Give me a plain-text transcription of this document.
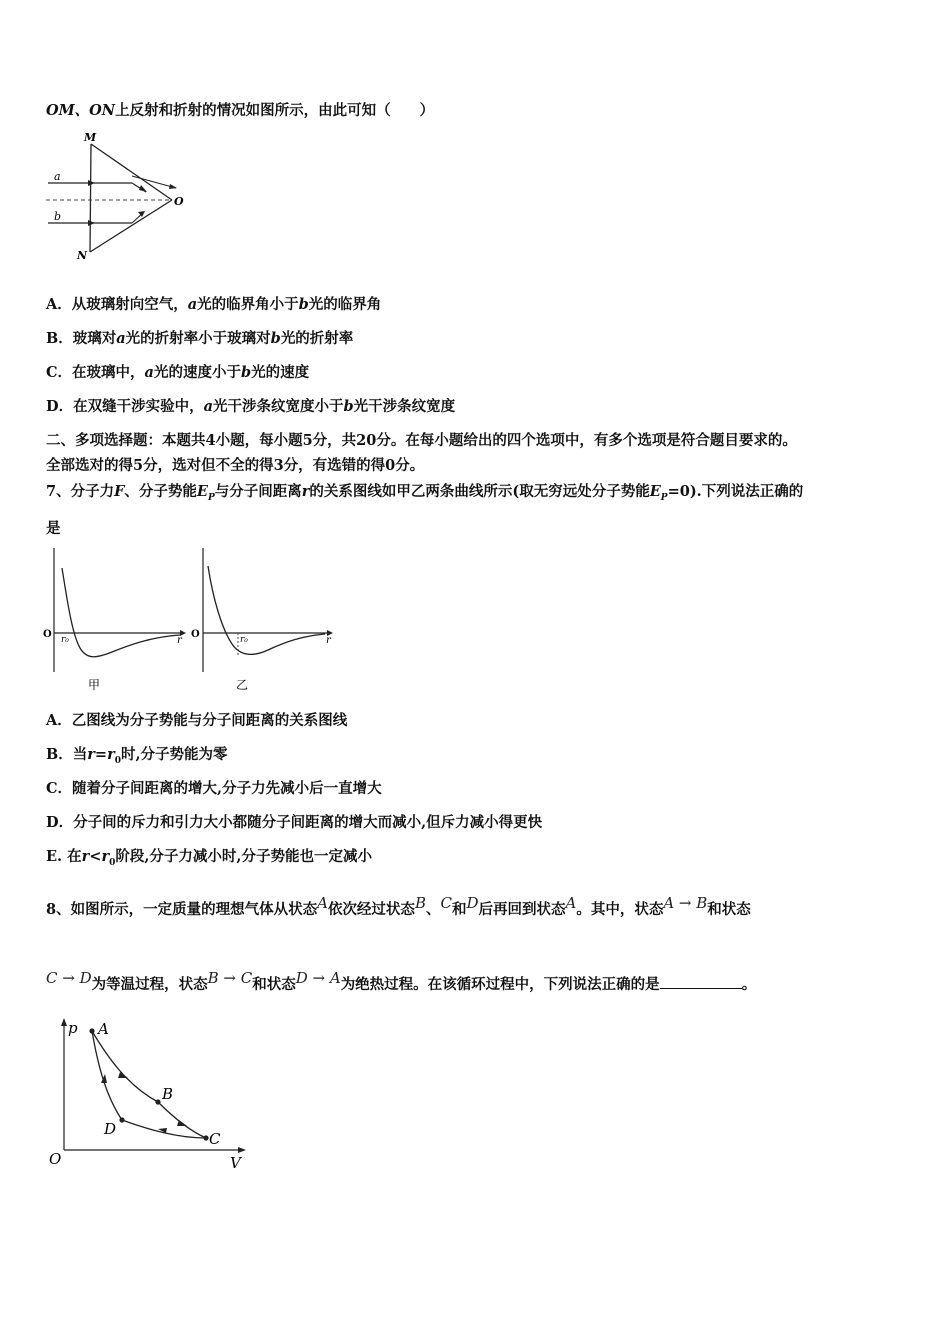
OM、ON上反射和折射的情况如图所示，由此可知（　　）
M
N
O
a
b
A．从玻璃射向空气，a光的临界角小于b光的临界角
B．玻璃对a光的折射率小于玻璃对b光的折射率
C．在玻璃中，a光的速度小于b光的速度
D．在双缝干涉实验中，a光干涉条纹宽度小于b光干涉条纹宽度
二、多项选择题：本题共4小题，每小题5分，共20分。在每小题给出的四个选项中，有多个选项是符合题目要求的。
全部选对的得5分，选对但不全的得3分，有选错的得0分。
7、分子力F、分子势能$E_P$与分子间距离r的关系图线如甲乙两条曲线所示(取无穷远处分子势能$E_P=0$).下列说法正确的
是
O r₀	r
甲
O	r₀	r
乙
A．乙图线为分子势能与分子间距离的关系图线
B．当$r=r_0$时,分子势能为零
C．随着分子间距离的增大,分子力先减小后一直增大
D．分子间的斥力和引力大小都随分子间距离的增大而减小,但斥力减小得更快
E. 在$r<r_0$阶段,分子力减小时,分子势能也一定减小
8、如图所示，一定质量的理想气体从状态$^A$依次经过状态$^B$、$^C$和$^D$后再回到状态$^A$。其中，状态$^{A \to B}$和状态
$^{C \to D}$为等温过程，状态$^{B \to C}$和状态$^{D \to A}$为绝热过程。在该循环过程中，下列说法正确的是	。
p A
B
C
D
O	V
